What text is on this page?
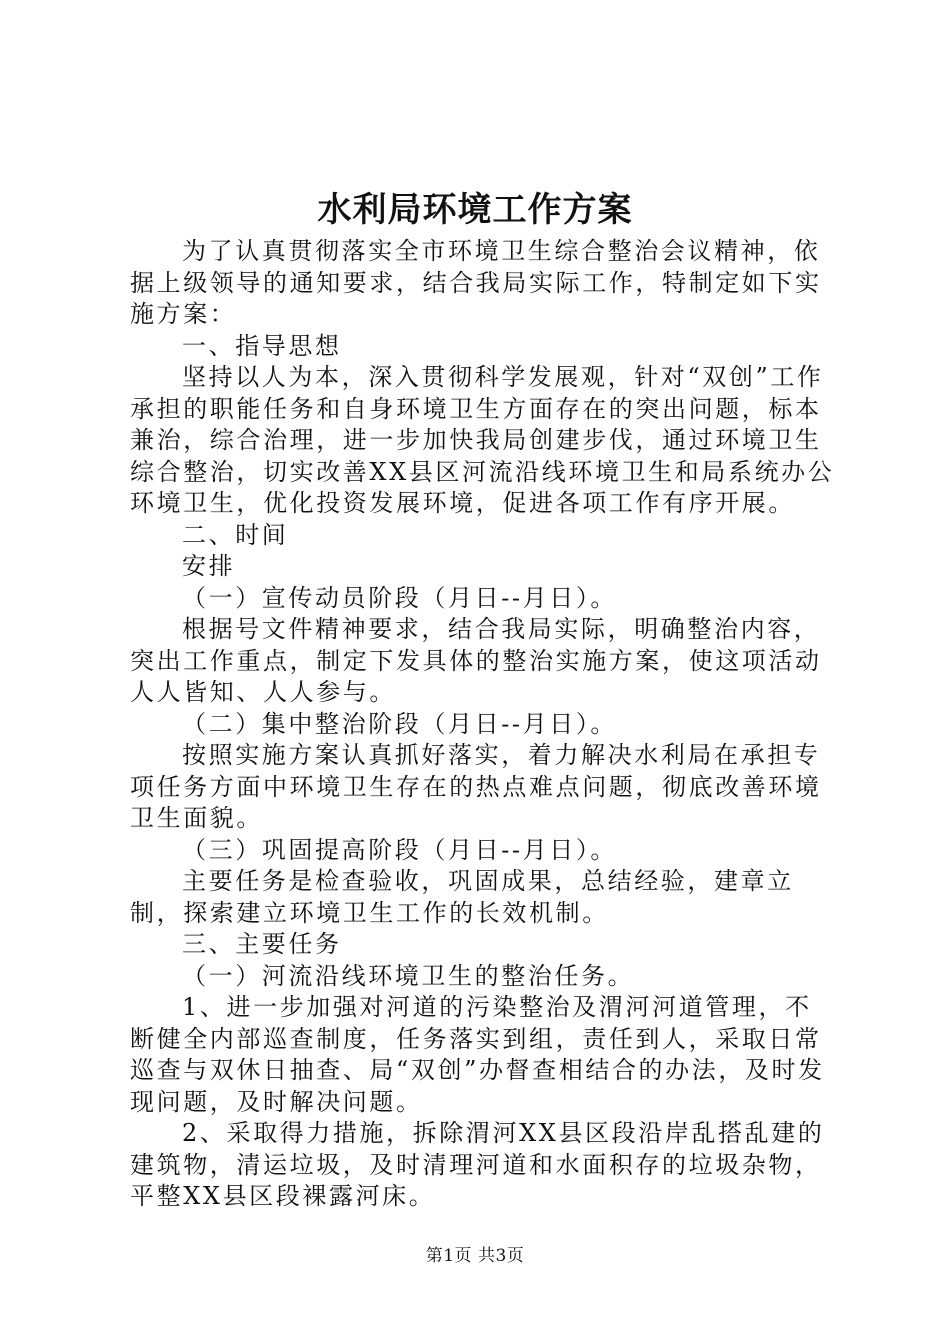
水利局环境工作方案

为了认真贯彻落实全市环境卫生综合整治会议精神，依据上级领导的通知要求，结合我局实际工作，特制定如下实施方案：

一、指导思想

坚持以人为本，深入贯彻科学发展观，针对“双创”工作承担的职能任务和自身环境卫生方面存在的突出问题，标本兼治，综合治理，进一步加快我局创建步伐，通过环境卫生综合整治，切实改善XX县区河流沿线环境卫生和局系统办公环境卫生，优化投资发展环境，促进各项工作有序开展。

二、时间

安排

（一）宣传动员阶段（月日--月日）。

根据号文件精神要求，结合我局实际，明确整治内容，突出工作重点，制定下发具体的整治实施方案，使这项活动人人皆知、人人参与。

（二）集中整治阶段（月日--月日）。

按照实施方案认真抓好落实，着力解决水利局在承担专项任务方面中环境卫生存在的热点难点问题，彻底改善环境卫生面貌。

（三）巩固提高阶段（月日--月日）。

主要任务是检查验收，巩固成果，总结经验，建章立制，探索建立环境卫生工作的长效机制。

三、主要任务

（一）河流沿线环境卫生的整治任务。

1、进一步加强对河道的污染整治及渭河河道管理，不断健全内部巡查制度，任务落实到组，责任到人，采取日常巡查与双休日抽查、局“双创”办督查相结合的办法，及时发现问题，及时解决问题。

2、采取得力措施，拆除渭河XX县区段沿岸乱搭乱建的建筑物，清运垃圾，及时清理河道和水面积存的垃圾杂物，平整XX县区段裸露河床。

第1页 共3页
